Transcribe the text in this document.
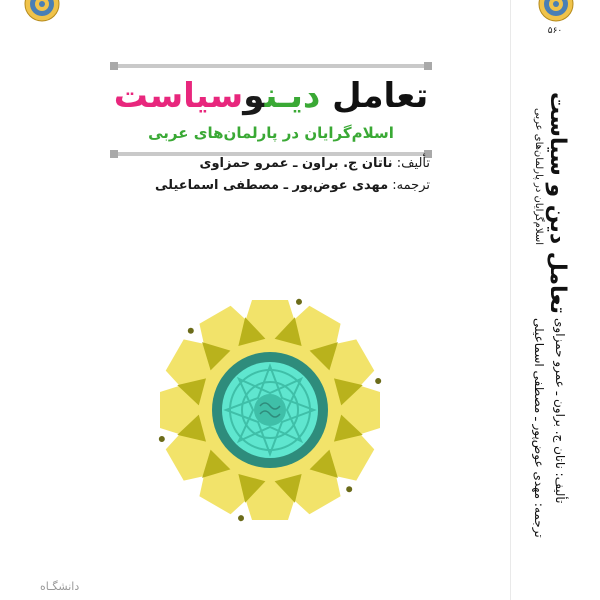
تعامل دیـنوسیاست
اسلام‌گرایان در پارلمان‌های عربی
تألیف: ناتان ج. براون ـ عمرو حمزاوی
ترجمه: مهدی عوض‌پور ـ مصطفی اسماعیلی
دانشگـاه
۵۶۰
تعامل دین و سیاست
اسلام‌گرایان در پارلمان‌های عربی
تألیف: ناتان ج. براون ـ عمرو حمزاوی
ترجمه: مهدی عوض‌پور ـ مصطفی اسماعیلی
